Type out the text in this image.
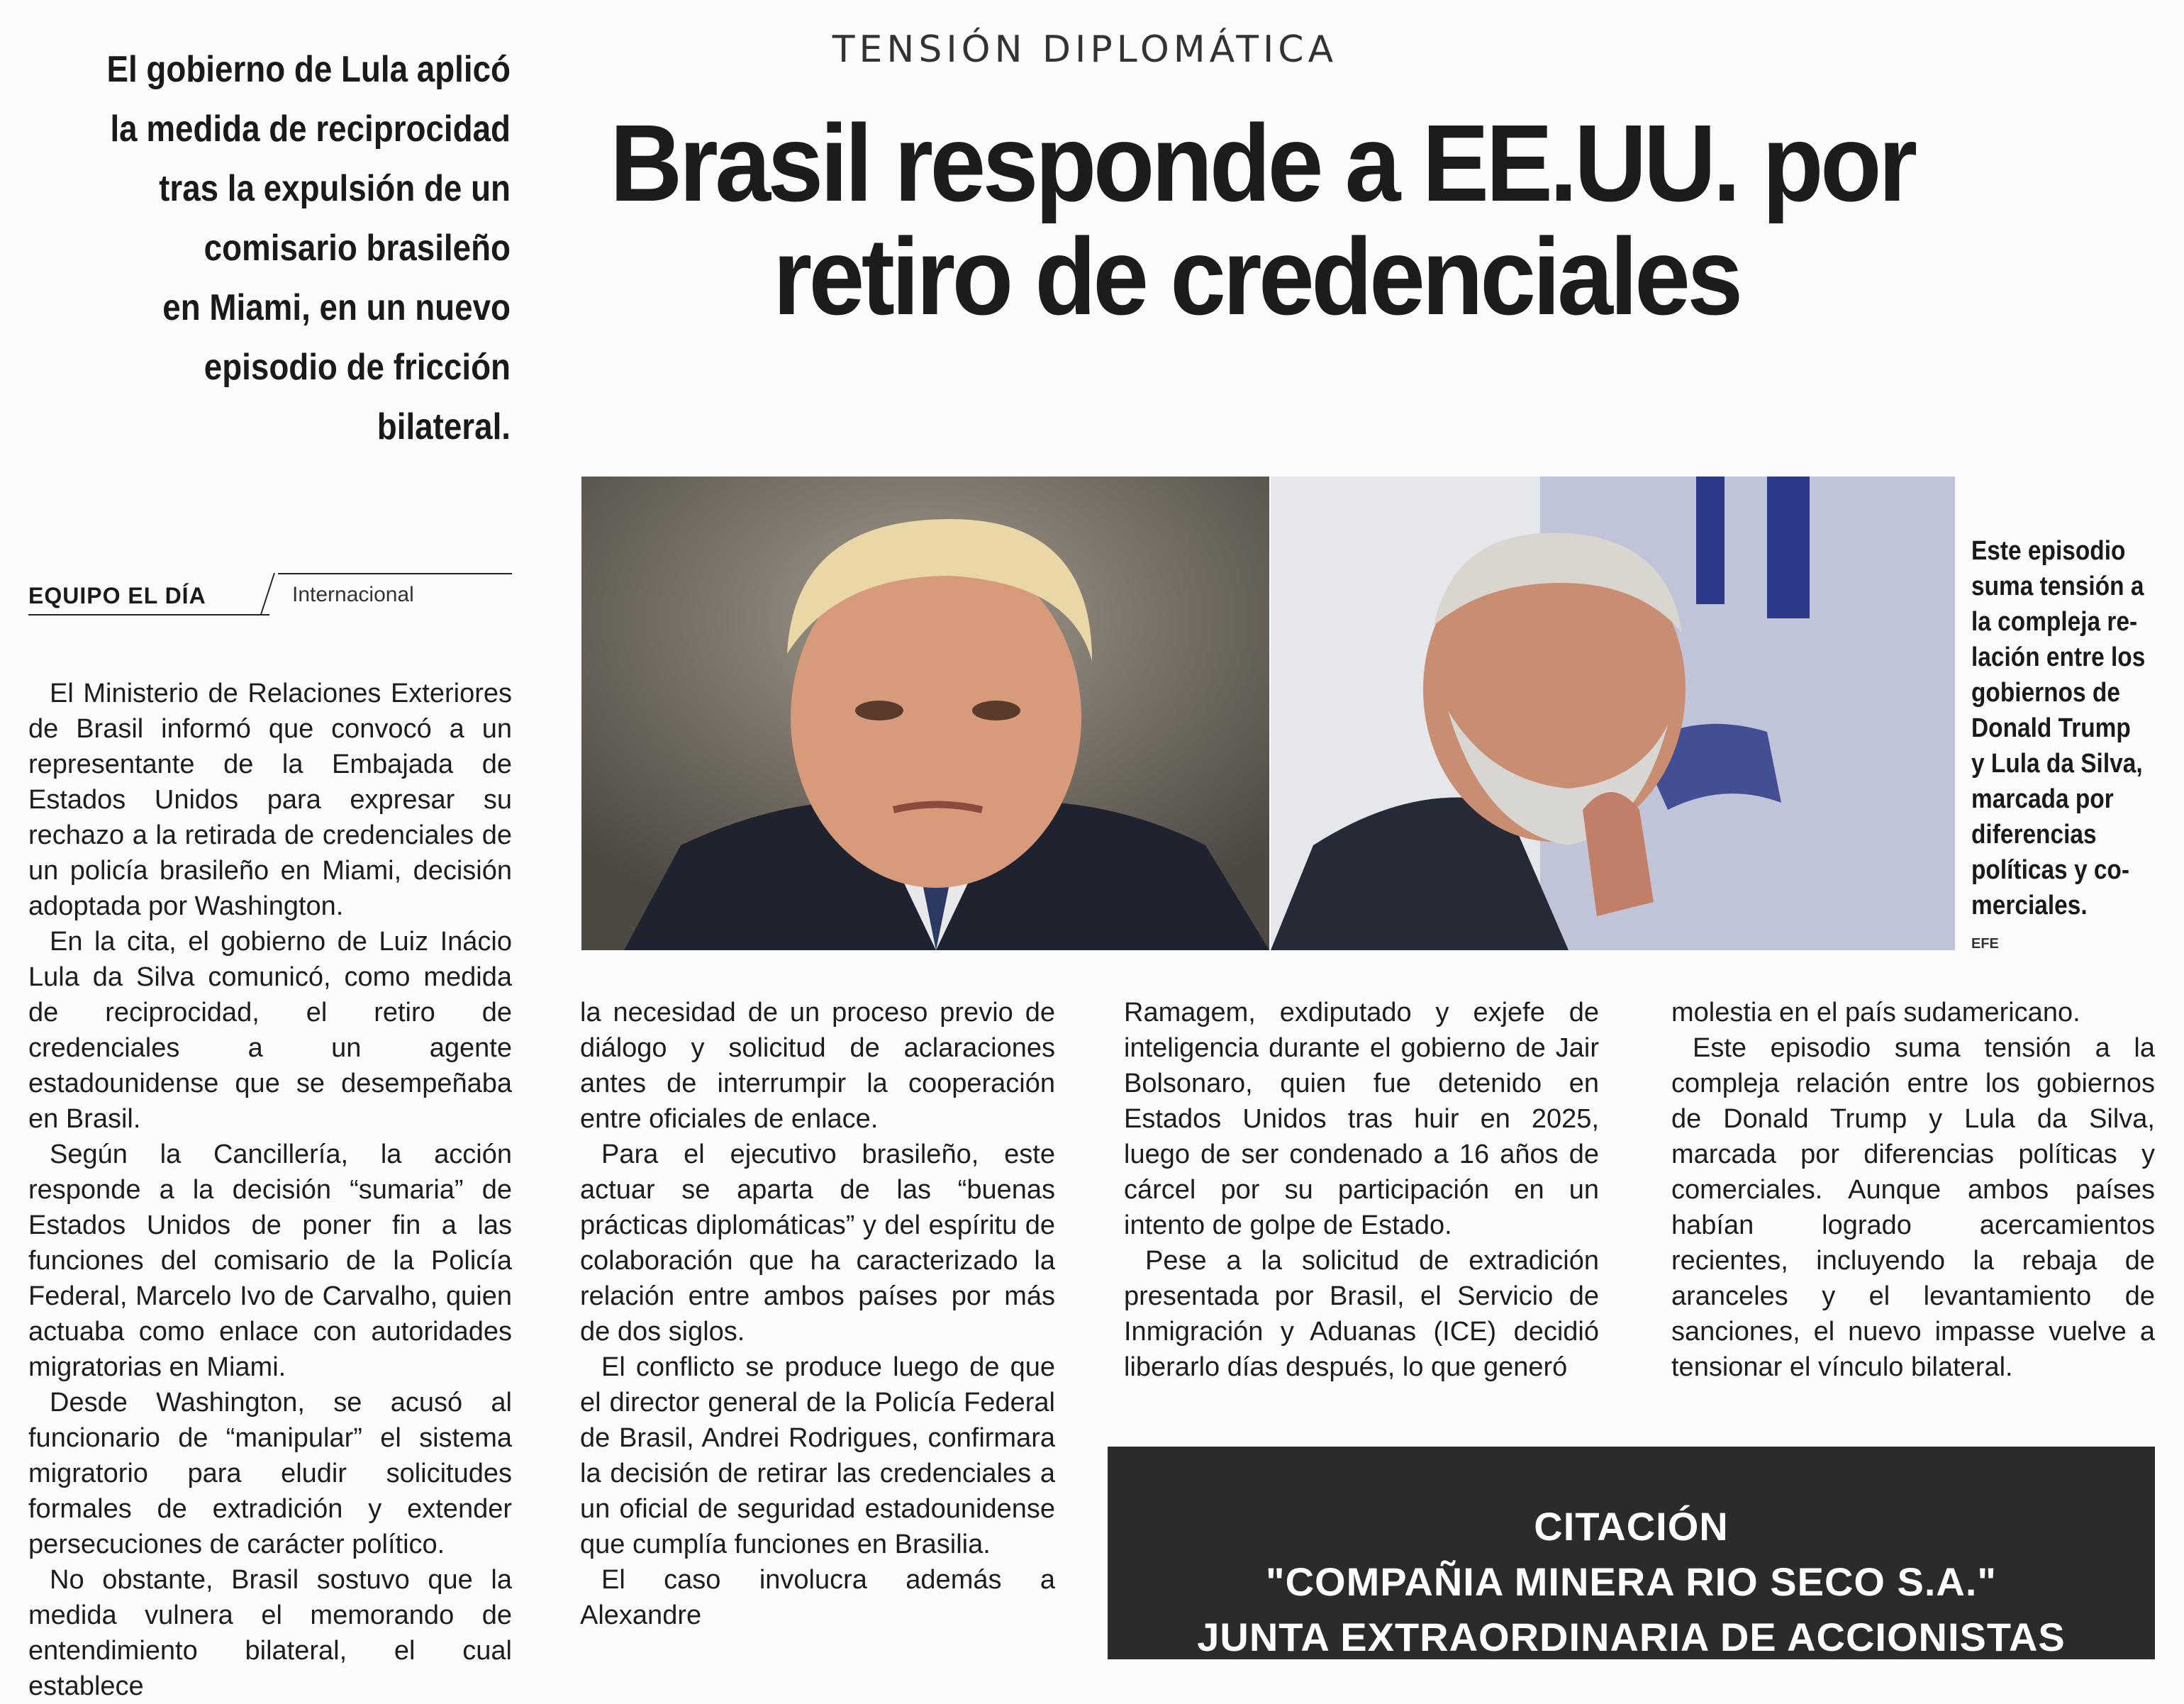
El gobierno de Lula aplicó
la medida de reciprocidad
tras la expulsión de un
comisario brasileño
en Miami, en un nuevo
episodio de fricción
bilateral.
TENSIÓN DIPLOMÁTICA
Brasil responde a EE.UU. por
retiro de credenciales
EQUIPO EL DÍA	Internacional

El Ministerio de Relaciones Exteriores de Brasil informó que convocó a un representante de la Embajada de Estados Unidos para expresar su rechazo a la retirada de credenciales de un policía brasileño en Miami, decisión adoptada por Washington.

En la cita, el gobierno de Luiz Inácio Lula da Silva comunicó, como medida de reciprocidad, el retiro de credenciales a un agente estadounidense que se desempeñaba en Brasil.

Según la Cancillería, la acción responde a la decisión “sumaria” de Estados Unidos de poner fin a las funciones del comisario de la Policía Federal, Marcelo Ivo de Carvalho, quien actuaba como enlace con autoridades migratorias en Miami.

Desde Washington, se acusó al funcionario de “manipular” el sistema migratorio para eludir solicitudes formales de extradición y extender persecuciones de carácter político.

No obstante, Brasil sostuvo que la medida vulnera el memorando de entendimiento bilateral, el cual establece

EFE
Este episodio
suma tensión a
la compleja re-
lación entre los
gobiernos de
Donald Trump
y Lula da Silva,
marcada por
diferencias
políticas y co-
merciales.

la necesidad de un proceso previo de diálogo y solicitud de aclaraciones antes de interrumpir la cooperación entre oficiales de enlace.

Para el ejecutivo brasileño, este actuar se aparta de las “buenas prácticas diplomáticas” y del espíritu de colaboración que ha caracterizado la relación entre ambos países por más de dos siglos.

El conflicto se produce luego de que el director general de la Policía Federal de Brasil, Andrei Rodrigues, confirmara la decisión de retirar las credenciales a un oficial de seguridad estadounidense que cumplía funciones en Brasilia.

El caso involucra además a Alexandre

Ramagem, exdiputado y exjefe de inteligencia durante el gobierno de Jair Bolsonaro, quien fue detenido en Estados Unidos tras huir en 2025, luego de ser condenado a 16 años de cárcel por su participación en un intento de golpe de Estado.

Pese a la solicitud de extradición presentada por Brasil, el Servicio de Inmigración y Aduanas (ICE) decidió liberarlo días después, lo que generó

molestia en el país sudamericano.

Este episodio suma tensión a la compleja relación entre los gobiernos de Donald Trump y Lula da Silva, marcada por diferencias políticas y comerciales. Aunque ambos países habían logrado acercamientos recientes, incluyendo la rebaja de aranceles y el levantamiento de sanciones, el nuevo impasse vuelve a tensionar el vínculo bilateral.

CITACIÓN
"COMPAÑIA MINERA RIO SECO S.A."
JUNTA EXTRAORDINARIA DE ACCIONISTAS
